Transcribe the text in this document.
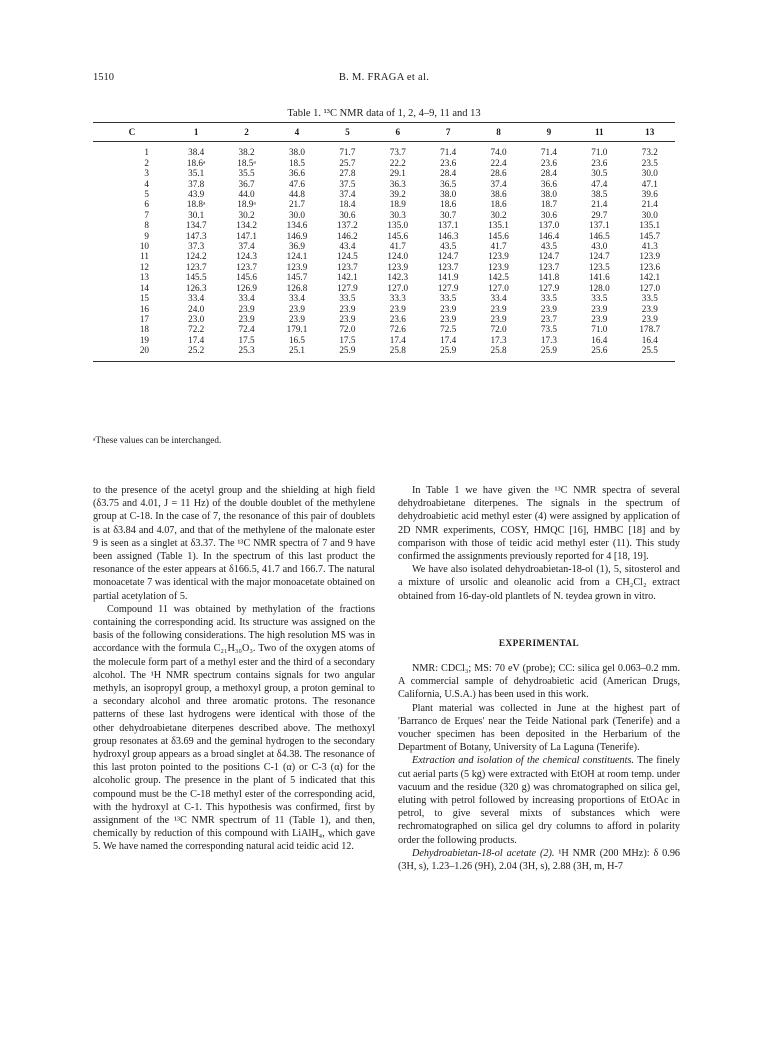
1510	B. M. FRAGA et al.
Table 1. ¹³C NMR data of 1, 2, 4–9, 11 and 13
C	1	2	4	5	6	7	8	9	11	13
1	38.4	38.2	38.0	71.7	73.7	71.4	74.0	71.4	71.0	73.2
2	18.6ᵃ	18.5ᵃ	18.5	25.7	22.2	23.6	22.4	23.6	23.6	23.5
3	35.1	35.5	36.6	27.8	29.1	28.4	28.6	28.4	30.5	30.0
4	37.8	36.7	47.6	37.5	36.3	36.5	37.4	36.6	47.4	47.1
5	43.9	44.0	44.8	37.4	39.2	38.0	38.6	38.0	38.5	39.6
6	18.8ᵃ	18.9ᵃ	21.7	18.4	18.9	18.6	18.6	18.7	21.4	21.4
7	30.1	30.2	30.0	30.6	30.3	30.7	30.2	30.6	29.7	30.0
8	134.7	134.2	134.6	137.2	135.0	137.1	135.1	137.0	137.1	135.1
9	147.3	147.1	146.9	146.2	145.6	146.3	145.6	146.4	146.5	145.7
10	37.3	37.4	36.9	43.4	41.7	43.5	41.7	43.5	43.0	41.3
11	124.2	124.3	124.1	124.5	124.0	124.7	123.9	124.7	124.7	123.9
12	123.7	123.7	123.9	123.7	123.9	123.7	123.9	123.7	123.5	123.6
13	145.5	145.6	145.7	142.1	142.3	141.9	142.5	141.8	141.6	142.1
14	126.3	126.9	126.8	127.9	127.0	127.9	127.0	127.9	128.0	127.0
15	33.4	33.4	33.4	33.5	33.3	33.5	33.4	33.5	33.5	33.5
16	24.0	23.9	23.9	23.9	23.9	23.9	23.9	23.9	23.9	23.9
17	23.0	23.9	23.9	23.9	23.6	23.9	23.9	23.7	23.9	23.9
18	72.2	72.4	179.1	72.0	72.6	72.5	72.0	73.5	71.0	178.7
19	17.4	17.5	16.5	17.5	17.4	17.4	17.3	17.3	16.4	16.4
20	25.2	25.3	25.1	25.9	25.8	25.9	25.8	25.9	25.6	25.5
ᵃThese values can be interchanged.

to the presence of the acetyl group and the shielding at high field (δ3.75 and 4.01, J = 11 Hz) of the double doublet of the methylene group at C-18. In the case of 7, the resonance of this pair of doublets is at δ3.84 and 4.07, and that of the methylene of the malonate ester 9 is seen as a singlet at δ3.37. The ¹³C NMR spectra of 7 and 9 have been assigned (Table 1). In the spectrum of this last product the resonance of the ester appears at δ166.5, 41.7 and 166.7. The natural monoacetate 7 was identical with the major monoacetate obtained on partial acetylation of 5.

Compound 11 was obtained by methylation of the fractions containing the corresponding acid. Its structure was assigned on the basis of the following considerations. The high resolution MS was in accordance with the formula C₂₁H₃₀O₃. Two of the oxygen atoms of the molecule form part of a methyl ester and the third of a secondary alcohol. The ¹H NMR spectrum contains signals for two angular methyls, an isopropyl group, a methoxyl group, a proton geminal to a secondary alcohol and three aromatic protons. The resonance patterns of these last hydrogens were identical with those of the other dehydroabietane diterpenes described above. The methoxyl group resonates at δ3.69 and the geminal hydrogen to the secondary hydroxyl group appears as a broad singlet at δ4.38. The resonance of this last proton pointed to the positions C-1 (α) or C-3 (α) for the alcoholic group. The presence in the plant of 5 indicated that this compound must be the C-18 methyl ester of the corresponding acid, with the hydroxyl at C-1. This hypothesis was confirmed, first by assignment of the ¹³C NMR spectrum of 11 (Table 1), and then, chemically by reduction of this compound with LiAlH₄, which gave 5. We have named the corresponding natural acid teidic acid 12.

In Table 1 we have given the ¹³C NMR spectra of several dehydroabietane diterpenes. The signals in the spectrum of dehydroabietic acid methyl ester (4) were assigned by application of 2D NMR experiments, COSY, HMQC [16], HMBC [18] and by comparison with those of teidic acid methyl ester (11). This study confirmed the assignments previously reported for 4 [18, 19].

We have also isolated dehydroabietan-18-ol (1), 5, sitosterol and a mixture of ursolic and oleanolic acid from a CH₂Cl₂ extract obtained from 16-day-old plantlets of N. teydea grown in vitro.

EXPERIMENTAL

NMR: CDCl₃; MS: 70 eV (probe); CC: silica gel 0.063–0.2 mm. A commercial sample of dehydroabietic acid (American Drugs, California, U.S.A.) has been used in this work.

Plant material was collected in June at the highest part of 'Barranco de Erques' near the Teide National park (Tenerife) and a voucher specimen has been deposited in the Herbarium of the Department of Botany, University of La Laguna (Tenerife).

Extraction and isolation of the chemical constituents. The finely cut aerial parts (5 kg) were extracted with EtOH at room temp. under vacuum and the residue (320 g) was chromatographed on silica gel, eluting with petrol followed by increasing proportions of EtOAc in petrol, to give several mixts of substances which were rechromatographed on silica gel dry columns to afford in polarity order the following products.

Dehydroabietan-18-ol acetate (2). ¹H NMR (200 MHz): δ 0.96 (3H, s), 1.23–1.26 (9H), 2.04 (3H, s), 2.88 (3H, m, H-7
